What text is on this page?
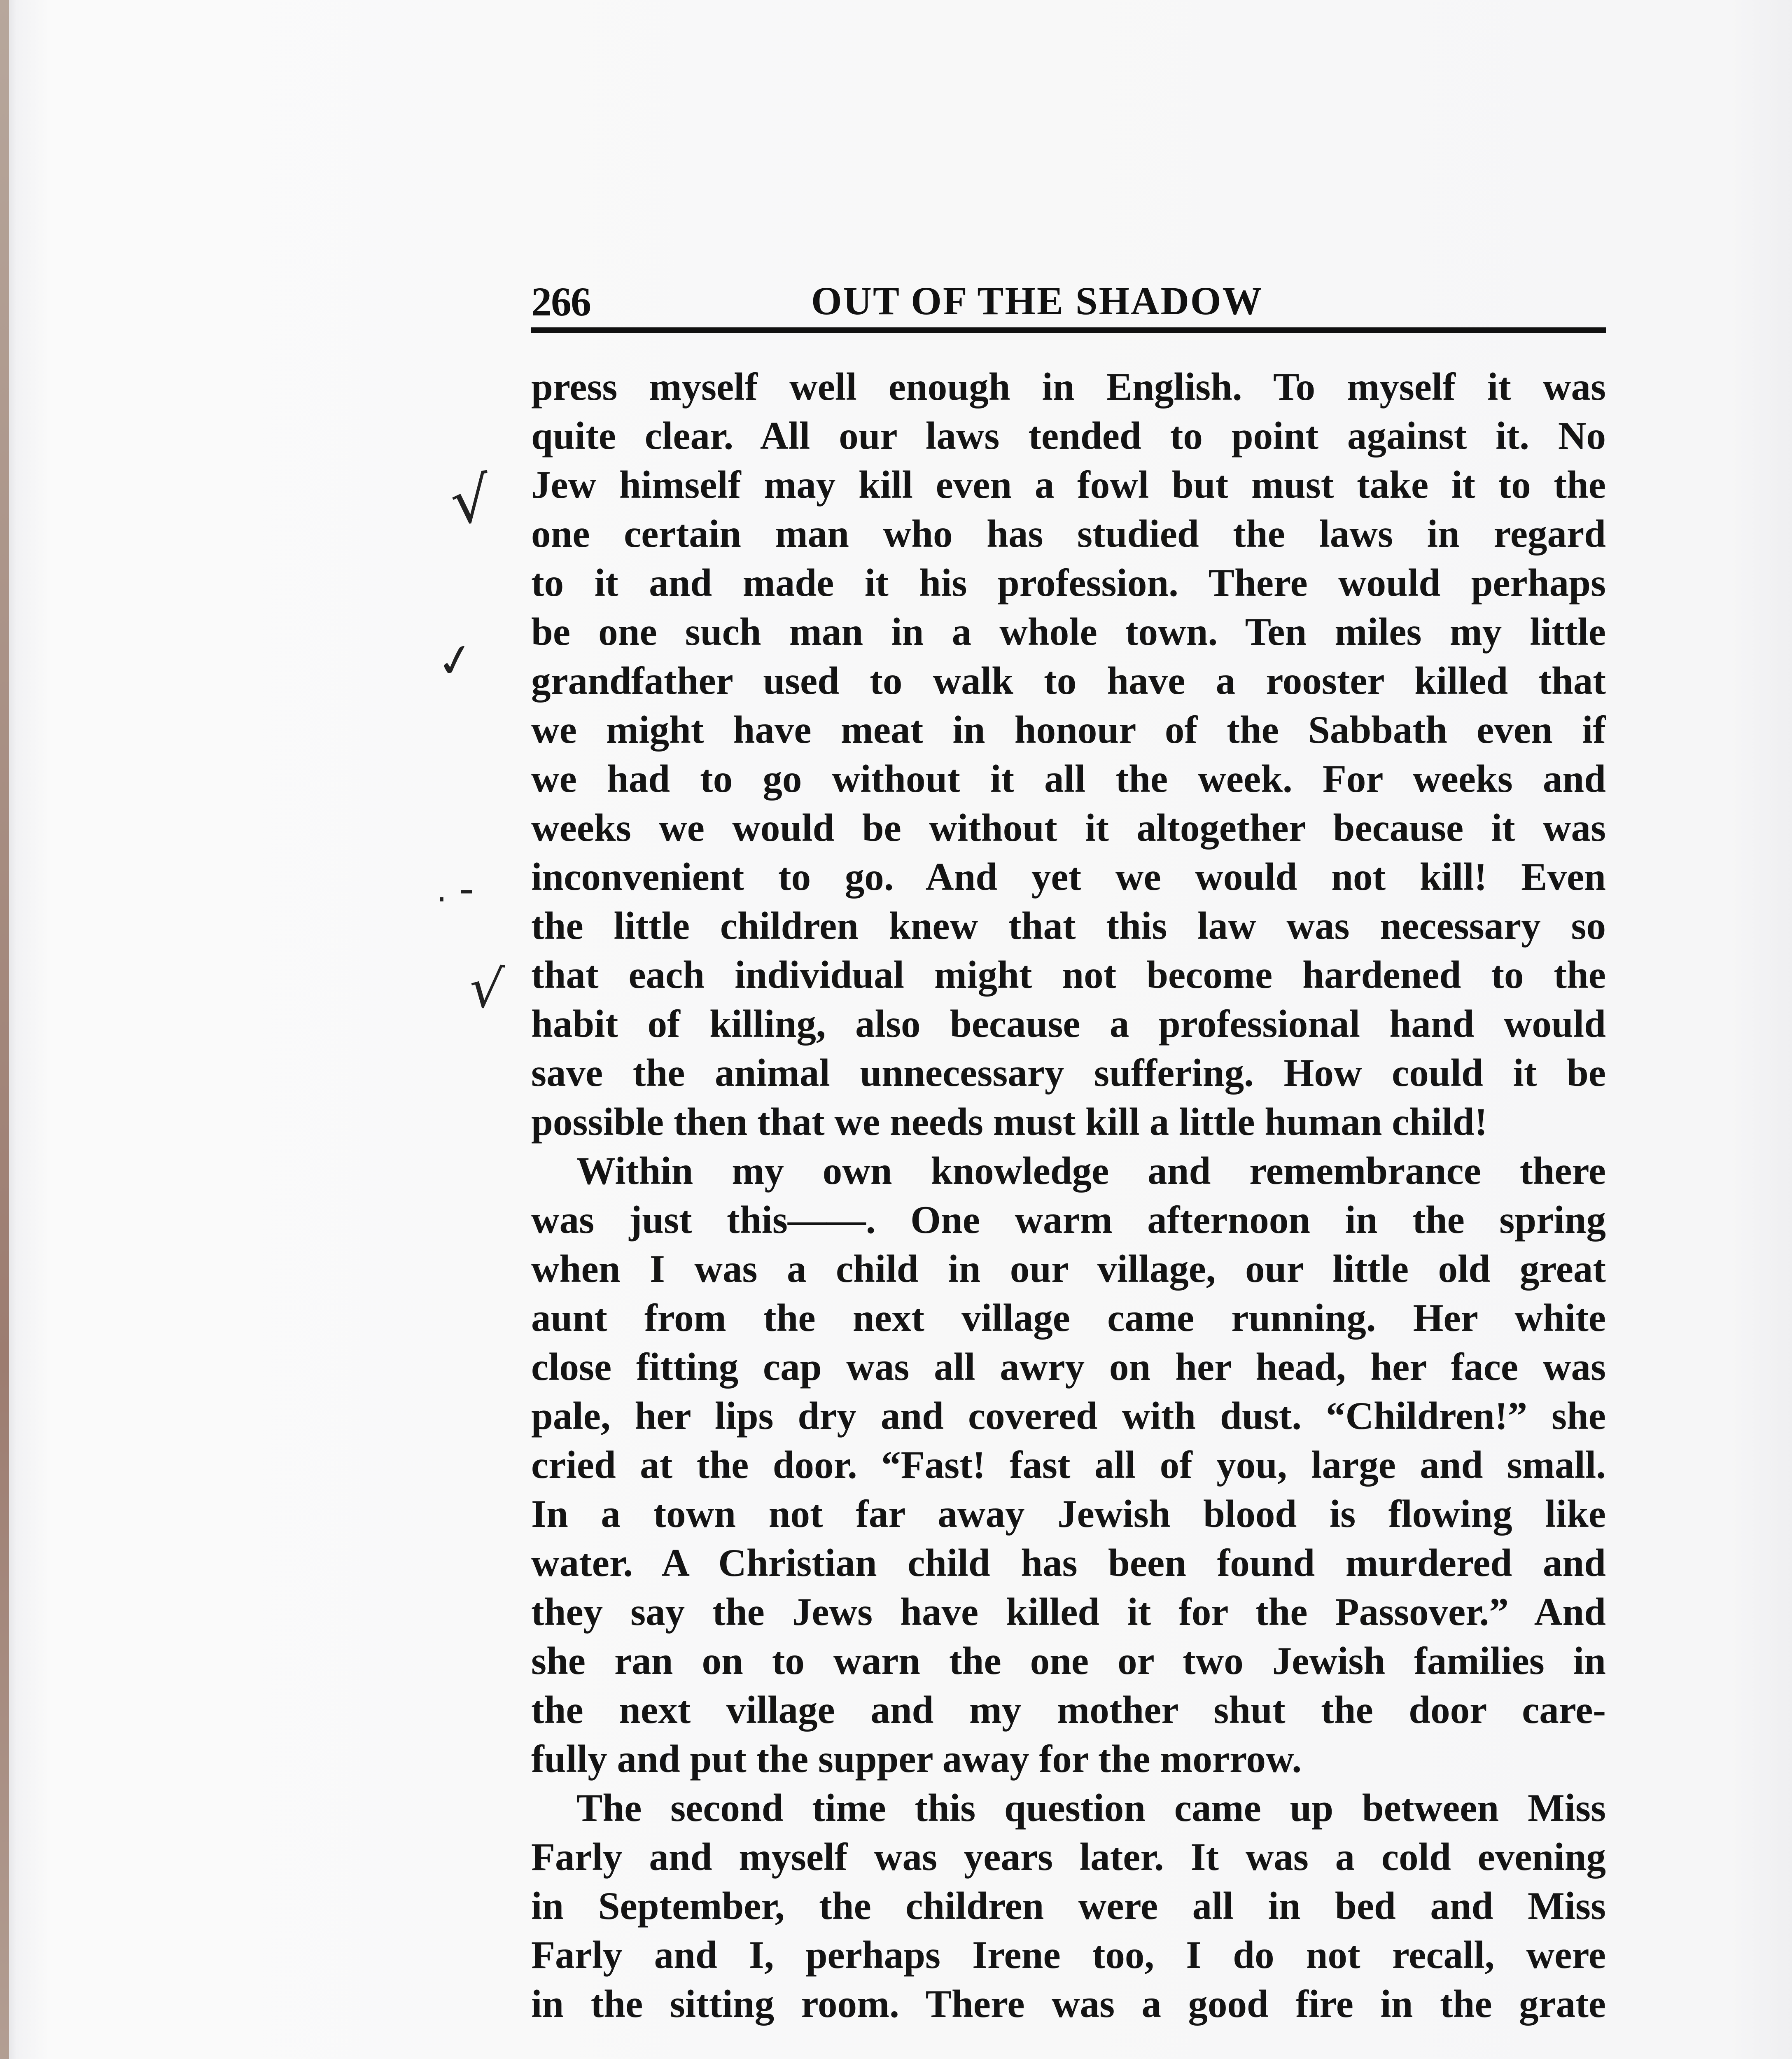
266	OUT OF THE SHADOW
√
✓
. -
√
press myself well enough in English. To myself it was
quite clear. All our laws tended to point against it. No
Jew himself may kill even a fowl but must take it to the
one certain man who has studied the laws in regard
to it and made it his profession. There would perhaps
be one such man in a whole town. Ten miles my little
grandfather used to walk to have a rooster killed that
we might have meat in honour of the Sabbath even if
we had to go without it all the week. For weeks and
weeks we would be without it altogether because it was
inconvenient to go. And yet we would not kill! Even
the little children knew that this law was necessary so
that each individual might not become hardened to the
habit of killing, also because a professional hand would
save the animal unnecessary suffering. How could it be
possible then that we needs must kill a little human child!
Within my own knowledge and remembrance there
was just this——. One warm afternoon in the spring
when I was a child in our village, our little old great
aunt from the next village came running. Her white
close fitting cap was all awry on her head, her face was
pale, her lips dry and covered with dust. “Children!” she
cried at the door. “Fast! fast all of you, large and small.
In a town not far away Jewish blood is flowing like
water. A Christian child has been found murdered and
they say the Jews have killed it for the Passover.” And
she ran on to warn the one or two Jewish families in
the next village and my mother shut the door care-
fully and put the supper away for the morrow.
The second time this question came up between Miss
Farly and myself was years later. It was a cold evening
in September, the children were all in bed and Miss
Farly and I, perhaps Irene too, I do not recall, were
in the sitting room. There was a good fire in the grate
